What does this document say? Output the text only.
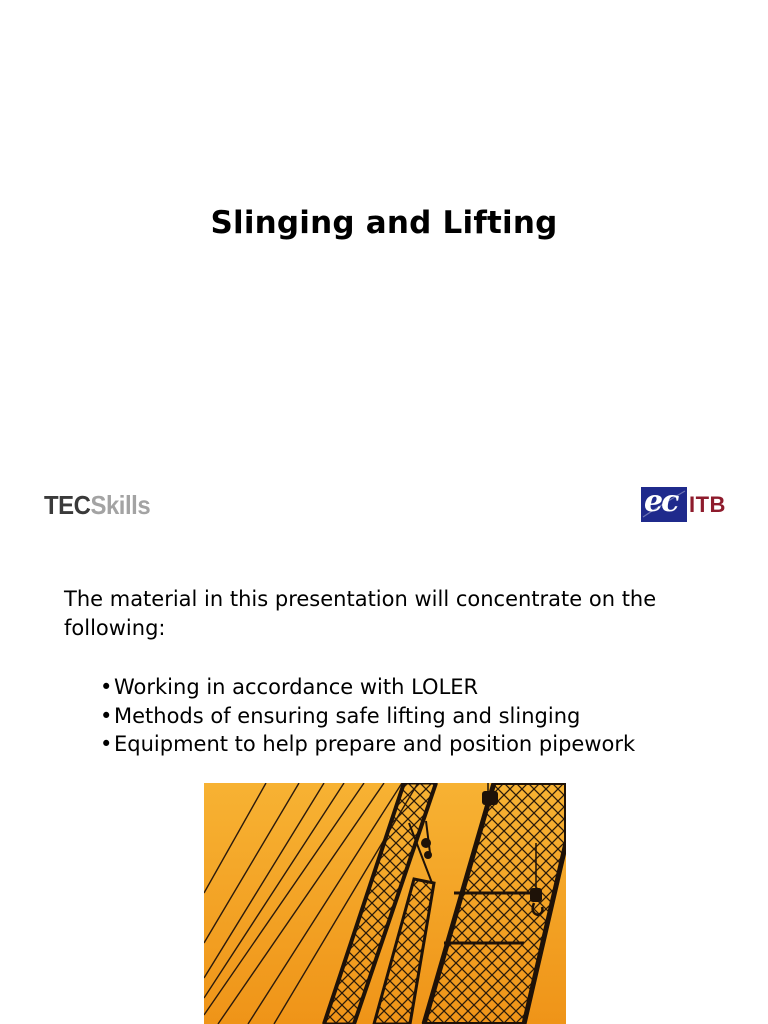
Slinging and Lifting
TECSkills	ec ITB
The material in this presentation will concentrate on the following:
•Working in accordance with LOLER
•Methods of ensuring safe lifting and slinging
•Equipment to help prepare and position pipework
